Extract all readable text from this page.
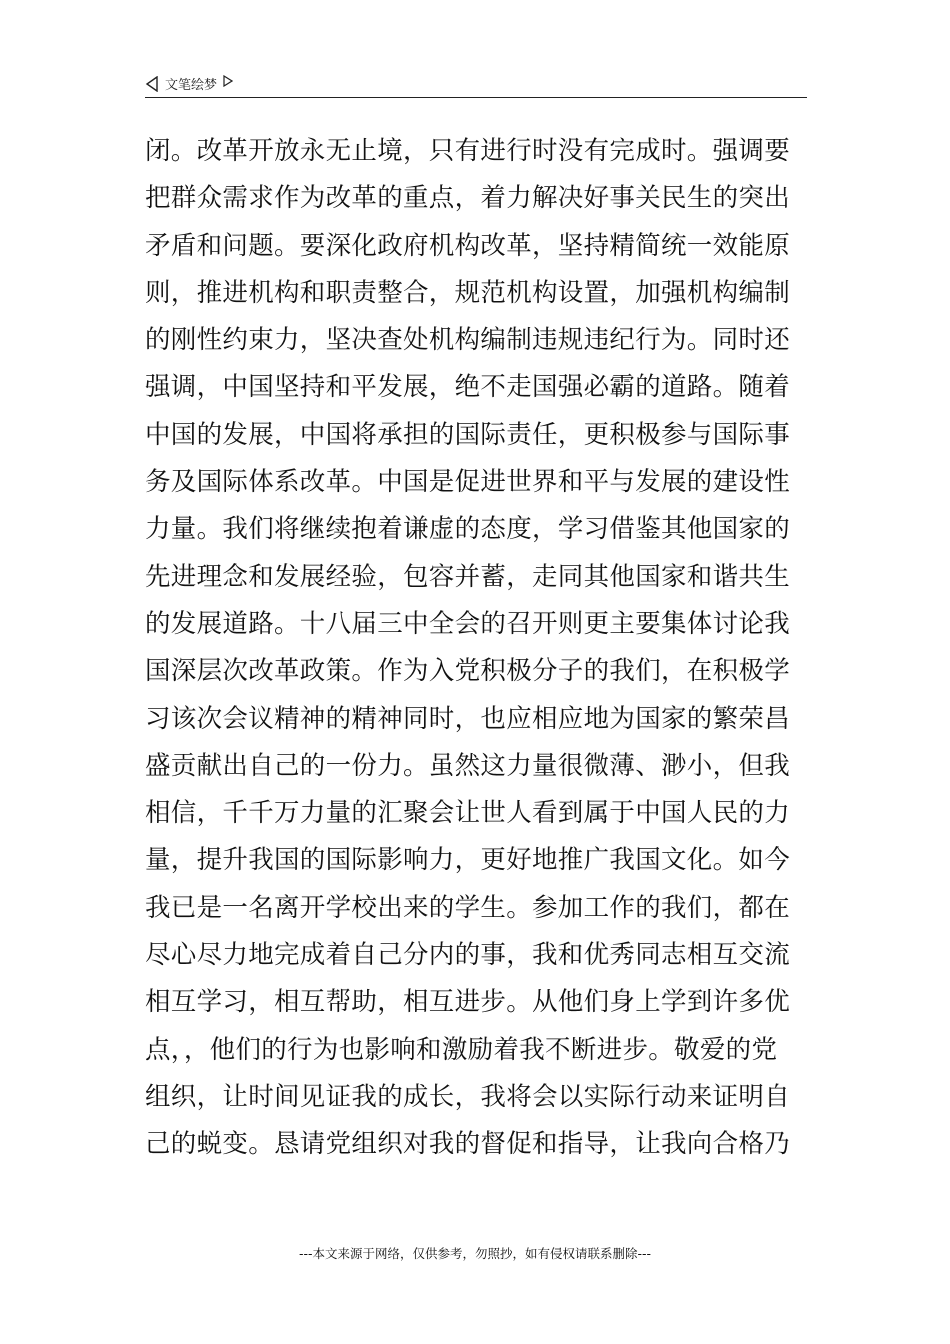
文笔绘梦
闭。改革开放永无止境，只有进行时没有完成时。强调要
把群众需求作为改革的重点，着力解决好事关民生的突出
矛盾和问题。要深化政府机构改革，坚持精简统一效能原
则，推进机构和职责整合，规范机构设置，加强机构编制
的刚性约束力，坚决查处机构编制违规违纪行为。同时还
强调，中国坚持和平发展，绝不走国强必霸的道路。随着
中国的发展，中国将承担的国际责任，更积极参与国际事
务及国际体系改革。中国是促进世界和平与发展的建设性
力量。我们将继续抱着谦虚的态度，学习借鉴其他国家的
先进理念和发展经验，包容并蓄，走同其他国家和谐共生
的发展道路。十八届三中全会的召开则更主要集体讨论我
国深层次改革政策。作为入党积极分子的我们，在积极学
习该次会议精神的精神同时，也应相应地为国家的繁荣昌
盛贡献出自己的一份力。虽然这力量很微薄、渺小，但我
相信，千千万力量的汇聚会让世人看到属于中国人民的力
量，提升我国的国际影响力，更好地推广我国文化。如今
我已是一名离开学校出来的学生。参加工作的我们，都在
尽心尽力地完成着自己分内的事，我和优秀同志相互交流
相互学习，相互帮助，相互进步。从他们身上学到许多优
点，，他们的行为也影响和激励着我不断进步。敬爱的党
组织，让时间见证我的成长，我将会以实际行动来证明自
己的蜕变。恳请党组织对我的督促和指导，让我向合格乃
---本文来源于网络，仅供参考，勿照抄，如有侵权请联系删除---
